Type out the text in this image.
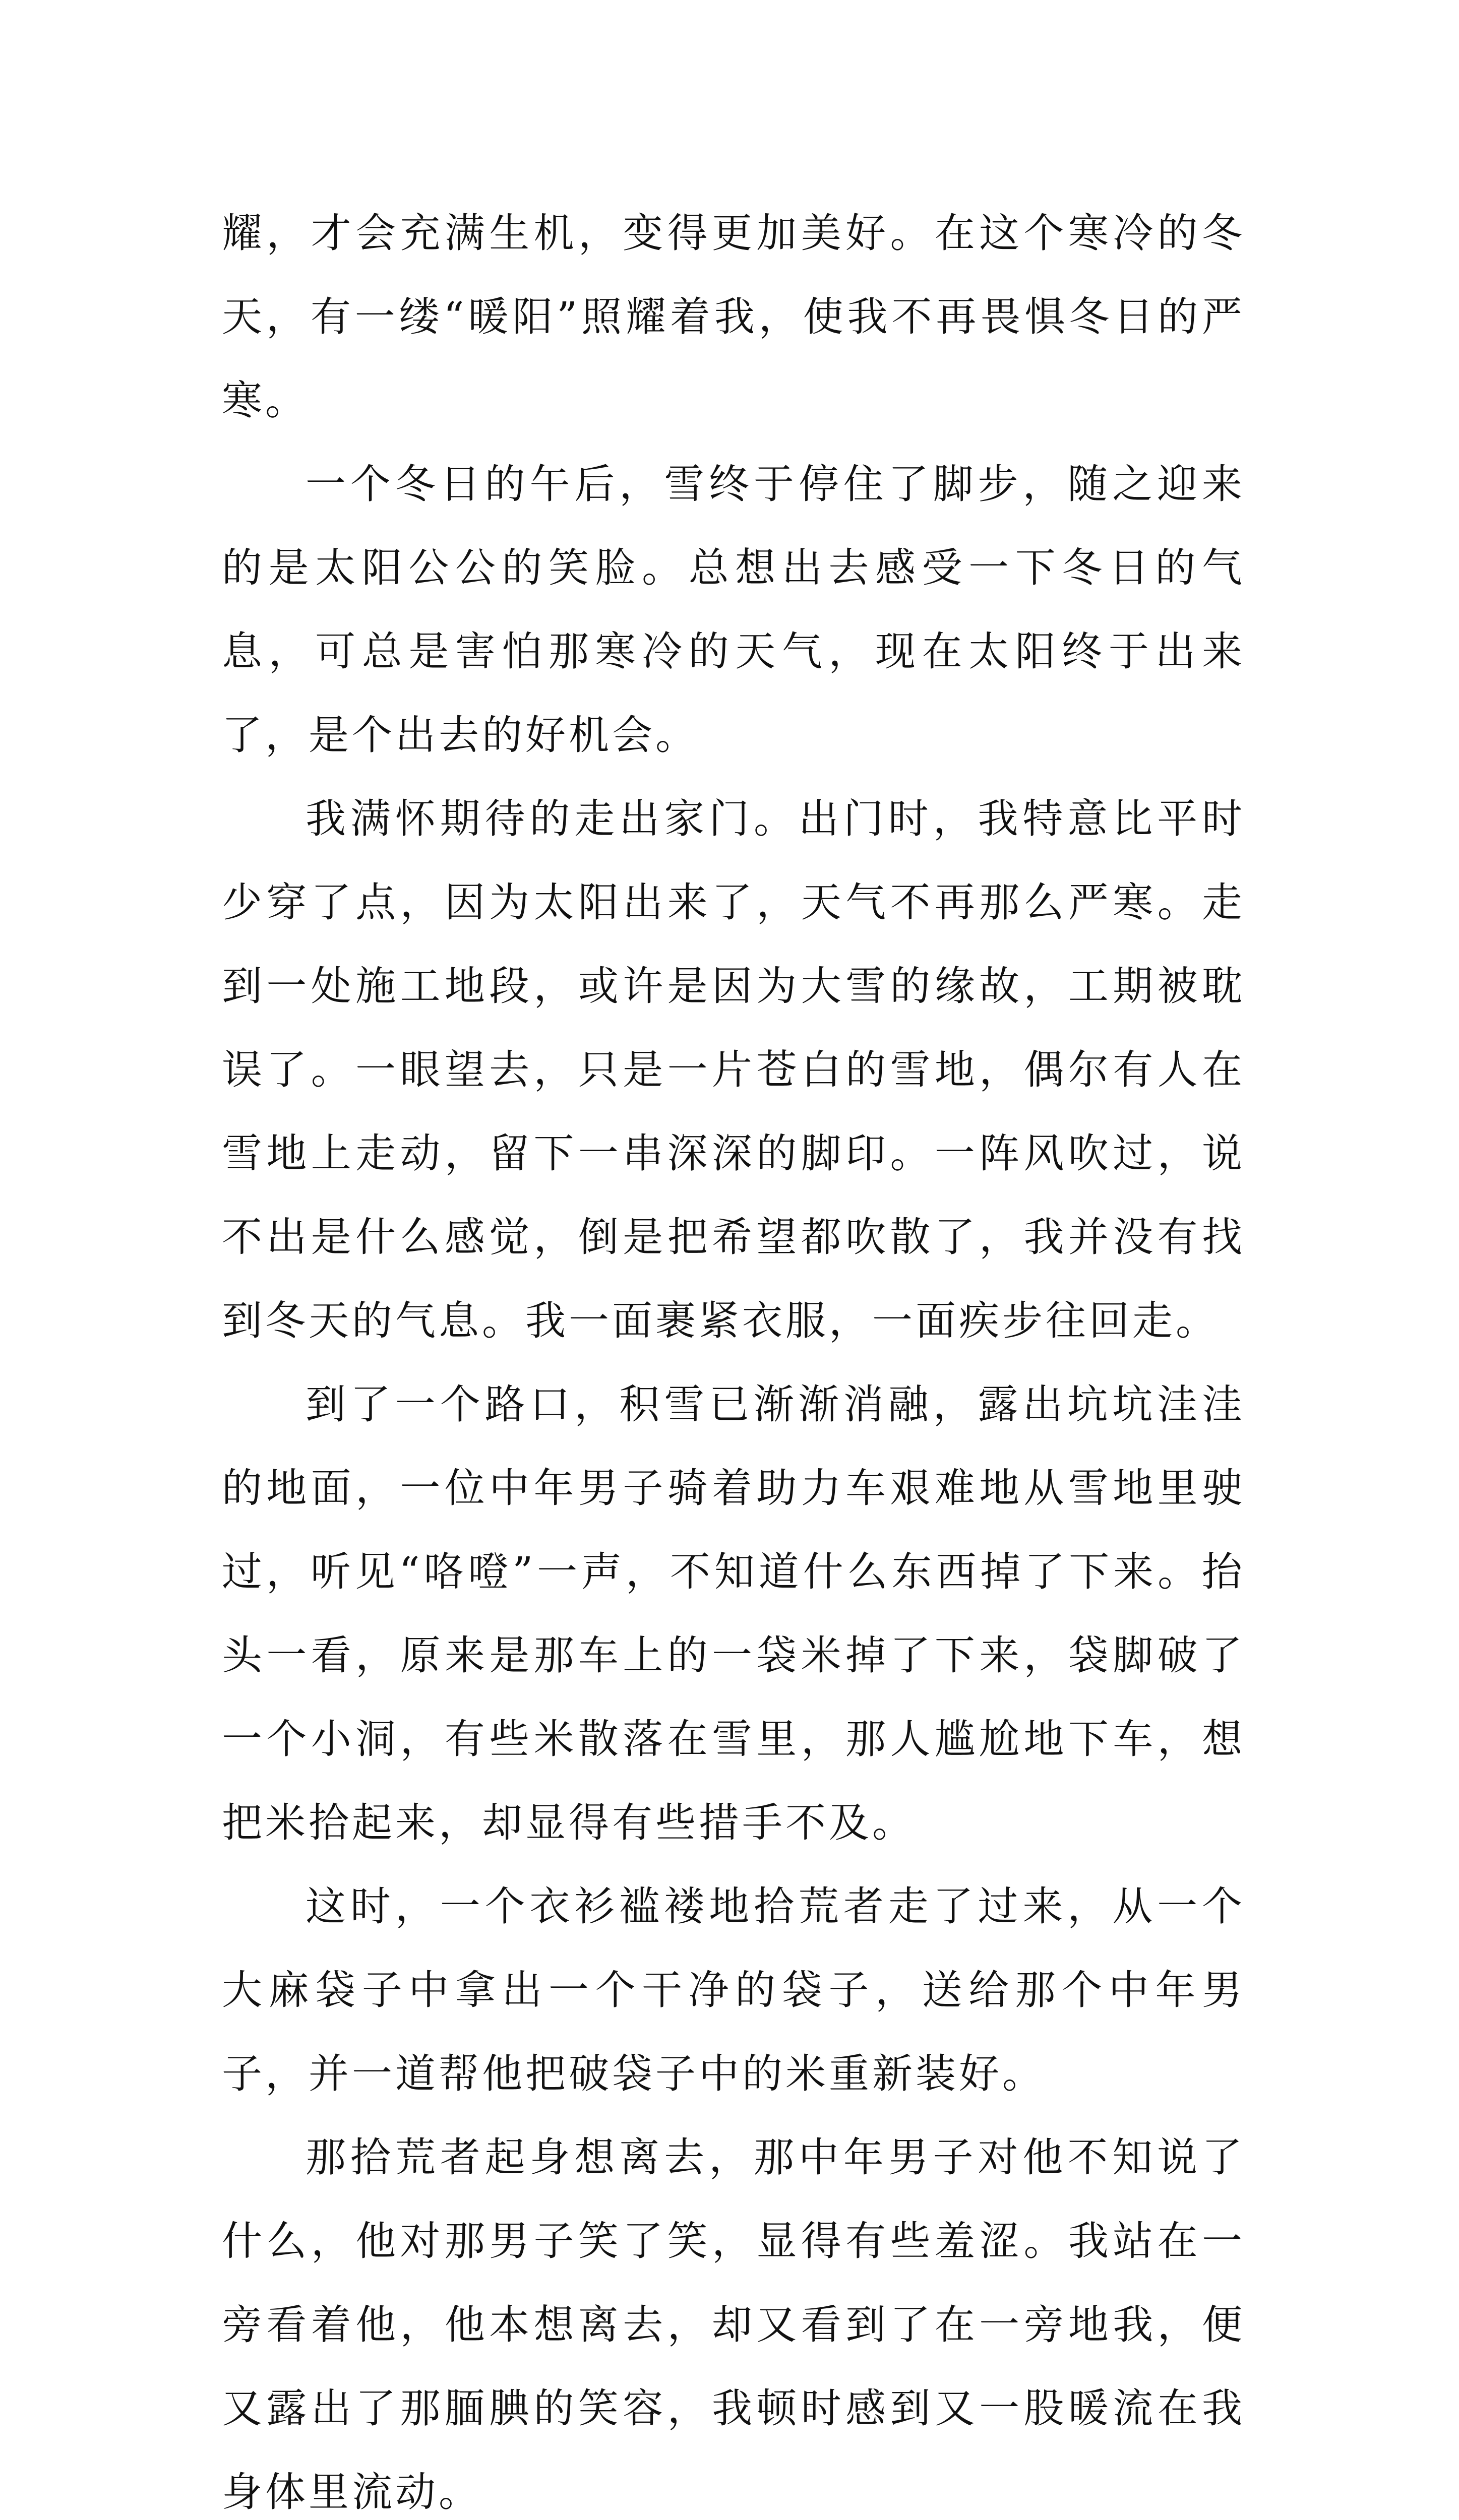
耀，才会充满生机，变得更加美好。在这个寒冷的冬天，有一缕“暖阳”照耀着我，使我不再畏惧冬日的严寒。

一个冬日的午后，雪终于停住了脚步，随之迎来的是太阳公公的笑脸。总想出去感受一下冬日的气息，可总是害怕那寒冷的天气，现在太阳终于出来了，是个出去的好机会。

我满怀期待的走出家门。出门时，我特意比平时少穿了点，因为太阳出来了，天气不再那么严寒。走到一处施工地段，或许是因为大雪的缘故，工期被耽误了。一眼望去，只是一片苍白的雪地，偶尔有人在雪地上走动，留下一串深深的脚印。一阵风吹过，说不出是什么感觉，倒是把希望都吹散了，我并没有找到冬天的气息。我一面裹紧衣服，一面疾步往回走。

到了一个路口，积雪已渐渐消融，露出坑坑洼洼的地面，一位中年男子骑着助力车艰难地从雪地里驶过，听见“咯噔”一声，不知道什么东西掉了下来。抬头一看，原来是那车上的一袋米掉了下来，袋脚破了一个小洞，有些米散落在雪里，那人尴尬地下车，想把米拾起来，却显得有些措手不及。

这时，一个衣衫褴褛地拾荒者走了过来，从一个大麻袋子中拿出一个干净的袋子，送给那个中年男子，并一道帮他把破袋子中的米重新装好。

那拾荒者起身想离去，那中年男子对他不知说了什么，他对那男子笑了笑，显得有些羞涩。我站在一旁看着他，他本想离去，却又看到了在一旁地我，便又露出了那腼腆的笑容，我顿时感到又一股暖流在我身体里流动。
